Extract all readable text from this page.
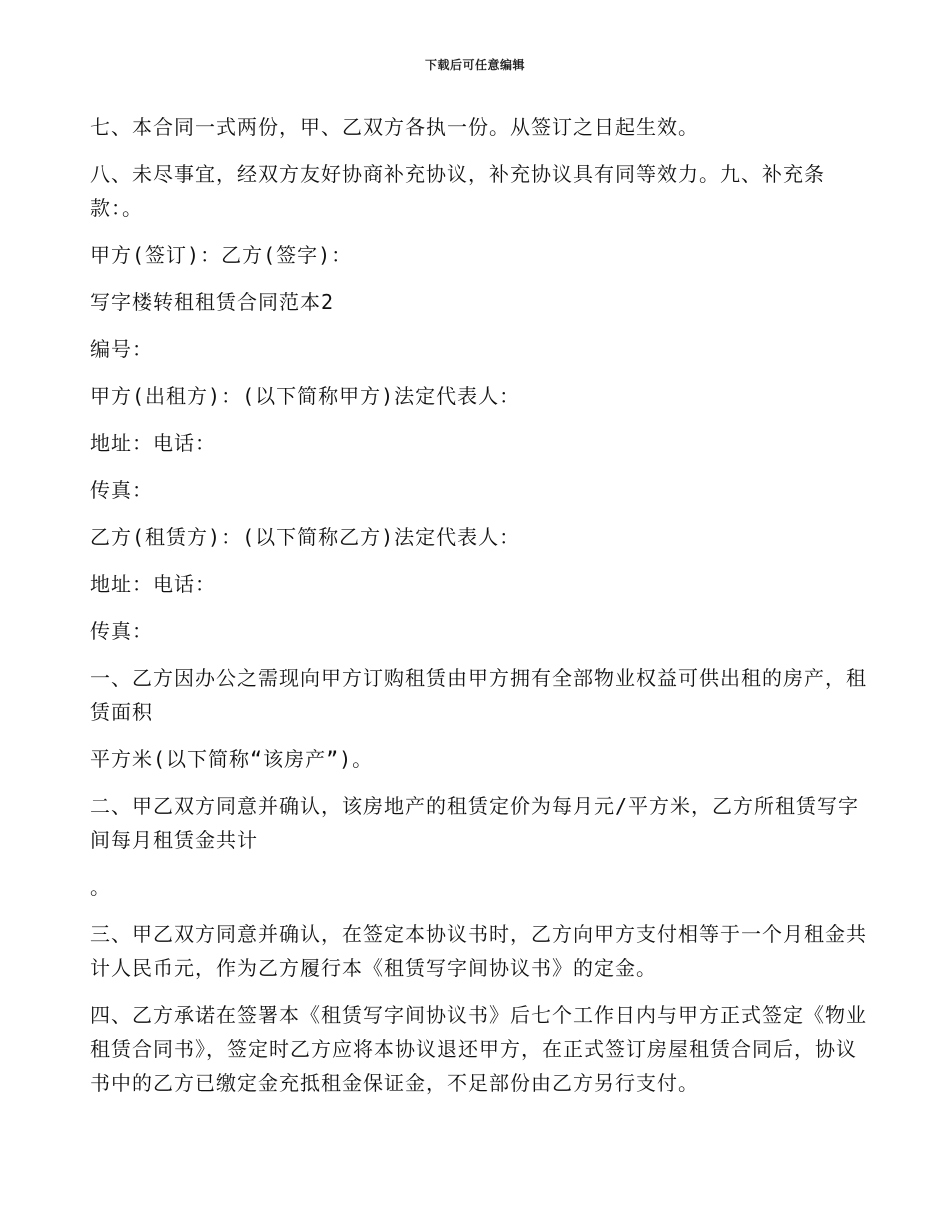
下载后可任意编辑

七、本合同一式两份，甲、乙双方各执一份。从签订之日起生效。

八、未尽事宜，经双方友好协商补充协议，补充协议具有同等效力。九、补充条款：。

甲方(签订)：乙方(签字)：

写字楼转租租赁合同范本2

编号：

甲方(出租方)：(以下简称甲方)法定代表人：

地址：电话：

传真：

乙方(租赁方)：(以下简称乙方)法定代表人：

地址：电话：

传真：

一、乙方因办公之需现向甲方订购租赁由甲方拥有全部物业权益可供出租的房产，租赁面积

平方米(以下简称“该房产”)。

二、甲乙双方同意并确认，该房地产的租赁定价为每月元/平方米，乙方所租赁写字间每月租赁金共计

。

三、甲乙双方同意并确认，在签定本协议书时，乙方向甲方支付相等于一个月租金共计人民币元，作为乙方履行本《租赁写字间协议书》的定金。

四、乙方承诺在签署本《租赁写字间协议书》后七个工作日内与甲方正式签定《物业租赁合同书》，签定时乙方应将本协议退还甲方，在正式签订房屋租赁合同后，协议书中的乙方已缴定金充抵租金保证金，不足部份由乙方另行支付。
